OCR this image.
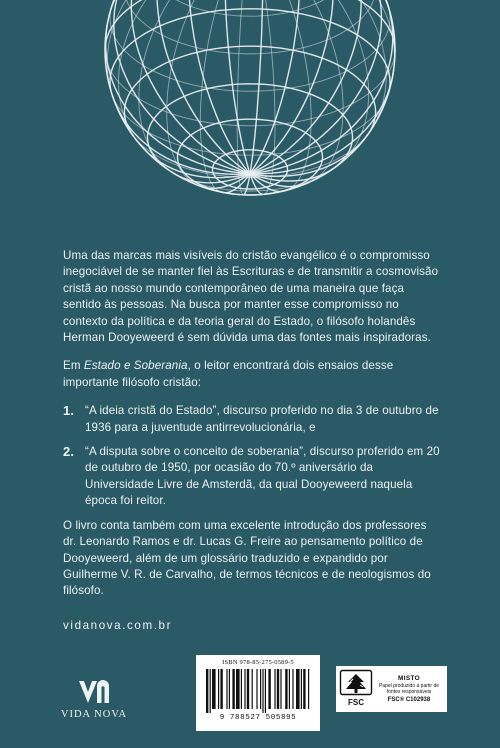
Uma das marcas mais visíveis do cristão evangélico é o compromisso inegociável de se manter fiel às Escrituras e de transmitir a cosmovisão cristã ao nosso mundo contemporâneo de uma maneira que faça sentido às pessoas. Na busca por manter esse compromisso no contexto da política e da teoria geral do Estado, o filósofo holandês Herman Dooyeweerd é sem dúvida uma das fontes mais inspiradoras.

Em Estado e Soberania, o leitor encontrará dois ensaios desse importante filósofo cristão:

1. “A ideia cristã do Estado”, discurso proferido no dia 3 de outubro de 1936 para a juventude antirrevolucionária, e
2. “A disputa sobre o conceito de soberania”, discurso proferido em 20 de outubro de 1950, por ocasião do 70.º aniversário da Universidade Livre de Amsterdã, da qual Dooyeweerd naquela época foi reitor.

O livro conta também com uma excelente introdução dos professores dr. Leonardo Ramos e dr. Lucas G. Freire ao pensamento político de Dooyeweerd, além de um glossário traduzido e expandido por Guilherme V. R. de Carvalho, de termos técnicos e de neologismos do filósofo.

vidanova.com.br
VIDA NOVA
ISBN 978-85-275-0589-5
9 788527 505895
FSC
MISTO
Papel produzido a partir de fontes responsáveis
FSC® C102938
